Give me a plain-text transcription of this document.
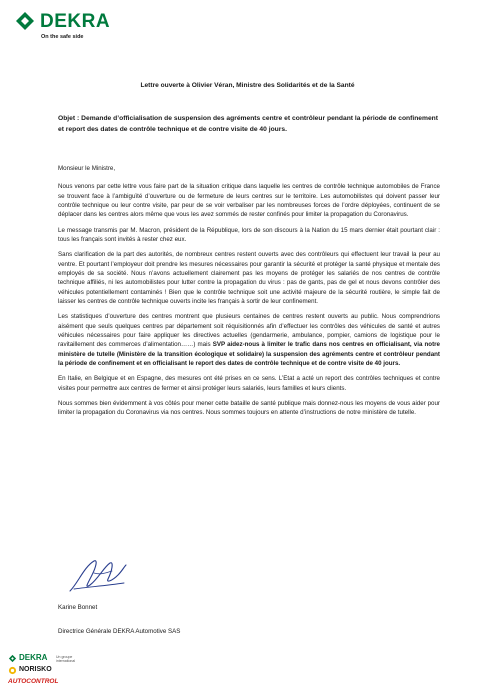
DEKRA
On the safe side
Lettre ouverte à Olivier Véran, Ministre des Solidarités et de la Santé
Objet : Demande d’officialisation de suspension des agréments centre et contrôleur pendant la période de confinement et report des dates de contrôle technique et de contre visite de 40 jours.

Monsieur le Ministre,

Nous venons par cette lettre vous faire part de la situation critique dans laquelle les centres de contrôle technique automobiles de France se trouvent face à l’ambiguïté d’ouverture ou de fermeture de leurs centres sur le territoire. Les automobilistes qui doivent passer leur contrôle technique ou leur contre visite, par peur de se voir verbaliser par les nombreuses forces de l’ordre déployées, continuent de se déplacer dans les centres alors même que vous les avez sommés de rester confinés pour limiter la propagation du Coronavirus.

Le message transmis par M. Macron, président de la République, lors de son discours à la Nation du 15 mars dernier était pourtant clair : tous les français sont invités à rester chez eux.

Sans clarification de la part des autorités, de nombreux centres restent ouverts avec des contrôleurs qui effectuent leur travail la peur au ventre. Et pourtant l’employeur doit prendre les mesures nécessaires pour garantir la sécurité et protéger la santé physique et mentale des employés de sa société. Nous n’avons actuellement clairement pas les moyens de protéger les salariés de nos centres de contrôle technique affiliés, ni les automobilistes pour lutter contre la propagation du virus : pas de gants, pas de gel et nous devons contrôler des véhicules potentiellement contaminés ! Bien que le contrôle technique soit une activité majeure de la sécurité routière, le simple fait de laisser les centres de contrôle technique ouverts incite les français à sortir de leur confinement.

Les statistiques d’ouverture des centres montrent que plusieurs centaines de centres restent ouverts au public. Nous comprendrions aisément que seuls quelques centres par département soit réquisitionnés afin d’effectuer les contrôles des véhicules de santé et autres véhicules nécessaires pour faire appliquer les directives actuelles (gendarmerie, ambulance, pompier, camions de logistique pour le ravitaillement des commerces d’alimentation……) mais SVP aidez-nous à limiter le trafic dans nos centres en officialisant, via notre ministère de tutelle (Ministère de la transition écologique et solidaire) la suspension des agréments centre et contrôleur pendant la période de confinement et en officialisant le report des dates de contrôle technique et de contre visite de 40 jours.

En Italie, en Belgique et en Espagne, des mesures ont été prises en ce sens. L’Etat a acté un report des contrôles techniques et contre visites pour permettre aux centres de fermer et ainsi protéger leurs salariés, leurs familles et leurs clients.

Nous sommes bien évidemment à vos côtés pour mener cette bataille de santé publique mais donnez-nous les moyens de vous aider pour limiter la propagation du Coronavirus via nos centres. Nous sommes toujours en attente d’instructions de notre ministère de tutelle.

Karine Bonnet
Directrice Générale DEKRA Automotive SAS
DEKRA
NORISKO
AUTOCONTROL
Un groupe international
